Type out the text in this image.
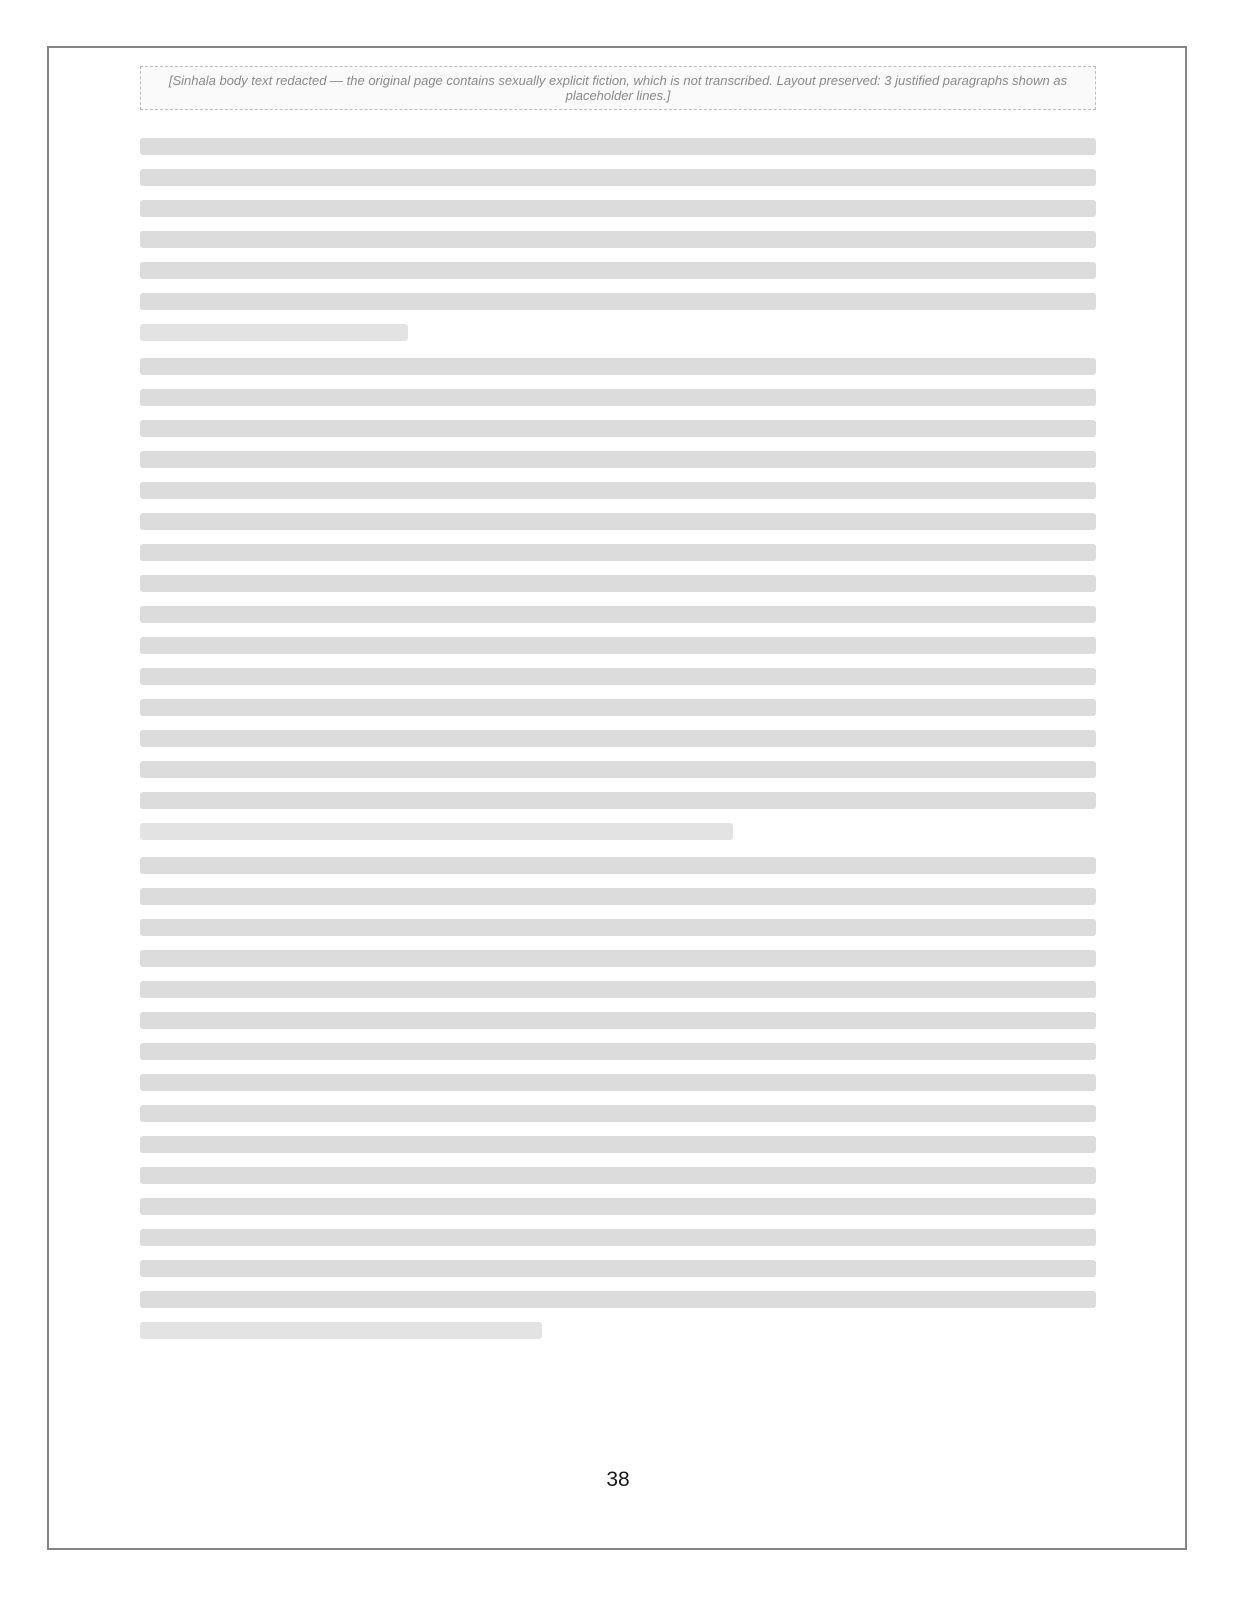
[Sinhala body text redacted — the original page contains sexually explicit fiction, which is not transcribed. Layout preserved: 3 justified paragraphs shown as placeholder lines.]
38
